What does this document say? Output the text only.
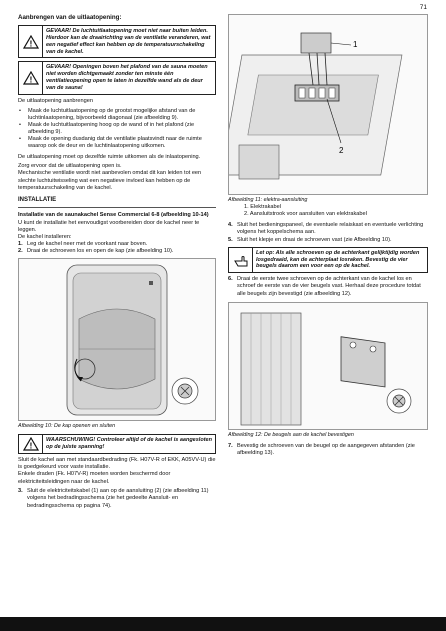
71
Aanbrengen van de uitlaatopening:
!
GEVAAR! De luchtuitlaatopening moet niet naar buiten leiden. Hierdoor kan de draairichting van de ventilatie veranderen, wat een negatief effect kan hebben op de temperatuurschakeling van de kachel.
!
GEVAAR! Openingen boven het plafond van de sauna moeten niet worden dichtgemaakt zonder ten minste één ventilatieopening open te laten in dezelfde wand als de deur van de sauna!

De uitlaatopening aanbrengen

• Maak de luchtuitlaatopening op de grootst mogelijke afstand van de luchtinlaatopening, bijvoorbeeld diagonaal (zie afbeelding 9).
• Maak de luchtuitlaatopening hoog op de wand of in het plafond (zie afbeelding 9).
• Maak de opening dusdanig dat de ventilatie plaatsvindt naar de ruimte waarop ook de deur en de luchtinlaatopening uitkomen.

De uitlaatopening moet op dezelfde ruimte uitkomen als de inlaatopening.

Zorg ervoor dat de uitlaatopening open is.

Mechanische ventilatie wordt niet aanbevolen omdat dit kan leiden tot een slechte luchtuitwisseling wat een negatieve invloed kan hebben op de temperatuurschakeling van de kachel.

INSTALLATIE
Installatie van de saunakachel Sense Commercial 6-8 (afbeelding 10-14)
U kunt de installatie het eenvoudigst voorbereiden door de kachel neer te leggen.
De kachel installeren:
1. Leg de kachel neer met de voorkant naar boven.
2. Draai de schroeven los en open de kap (zie afbeelding 10).
Afbeelding 10: De kap openen en sluiten
!
WAARSCHUWING! Controleer altijd of de kachel is aangesloten op de juiste spanning!
Sluit de kachel aan met standaardbedrading (Fk. H07V-R of EKK, A05VV-U) die is goedgekeurd voor vaste installatie.

Enkele draden (Fk. H07V-R) moeten worden beschermd door elektriciteitsleidingen naar de kachel.

3. Sluit de elektriciteitskabel (1) aan op de aansluiting (2) (zie afbeelding 11) volgens het bedradingsschema (zie het gedeelte Aansluit- en bedradingsschema op pagina 74).
1
2
Afbeelding 11: elektra-aansluiting
1. Elektrakabel
2. Aansluitstrook voor aansluiten van elektrakabel
4. Sluit het bedieningspaneel, de eventuele relaiskast en eventuele verlichting volgens het koppelschema aan.
5. Sluit het klepje en draai de schroeven vast (zie Afbeelding 10).
Let op: Als alle schroeven op de achterkant gelijktijdig worden losgedraaid, kan de achterplaat losraken. Bevestig de vier beugels daarom een voor een op de kachel.
6. Draai de eerste twee schroeven op de achterkant van de kachel los en schroef de eerste van de vier beugels vast. Herhaal deze procedure totdat alle beugels zijn bevestigd (zie afbeelding 12).
Afbeelding 12: De beugels aan de kachel bevestigen
7. Bevestig de schroeven van de beugel op de aangegeven afstanden (zie afbeelding 13).
